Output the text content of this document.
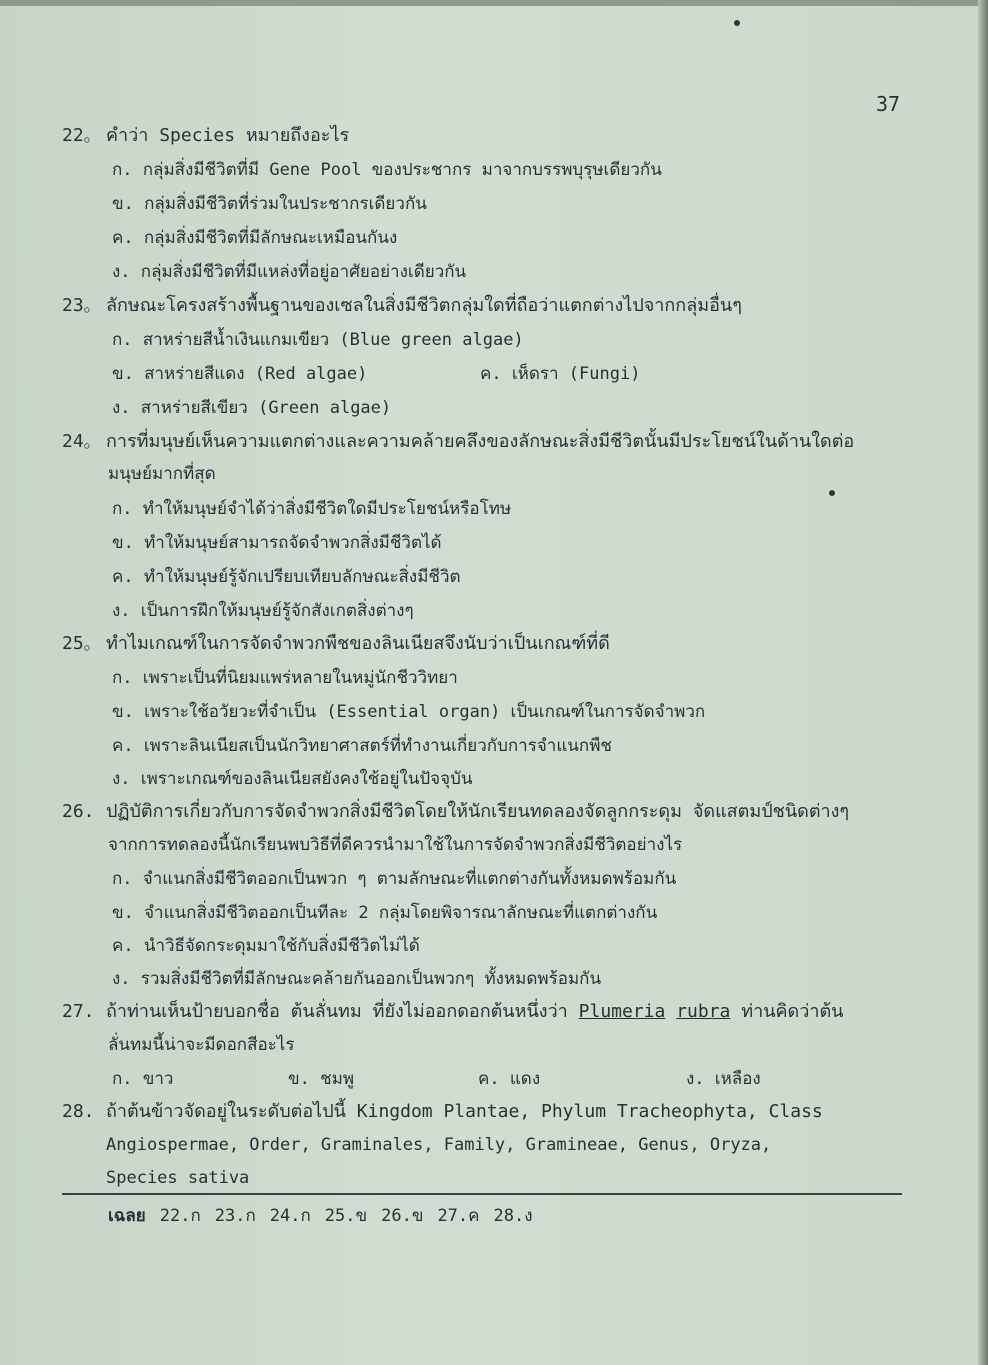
37
22。 คำว่า Species หมายถึงอะไร
ก. กลุ่มสิ่งมีชีวิตที่มี Gene Pool ของประชากร มาจากบรรพบุรุษเดียวกัน
ข. กลุ่มสิ่งมีชีวิตที่ร่วมในประชากรเดียวกัน
ค. กลุ่มสิ่งมีชีวิตที่มีลักษณะเหมือนกันง
ง. กลุ่มสิ่งมีชีวิตที่มีแหล่งที่อยู่อาศัยอย่างเดียวกัน
23。 ลักษณะโครงสร้างพื้นฐานของเซลในสิ่งมีชีวิตกลุ่มใดที่ถือว่าแตกต่างไปจากกลุ่มอื่นๆ
ก. สาหร่ายสีน้ำเงินแกมเขียว (Blue green algae)
ข. สาหร่ายสีแดง (Red algae)	ค. เห็ดรา (Fungi)
ง. สาหร่ายสีเขียว (Green algae)
24。 การที่มนุษย์เห็นความแตกต่างและความคล้ายคลึงของลักษณะสิ่งมีชีวิตนั้นมีประโยชน์ในด้านใดต่อ
มนุษย์มากที่สุด
ก. ทำให้มนุษย์จำได้ว่าสิ่งมีชีวิตใดมีประโยชน์หรือโทษ
ข. ทำให้มนุษย์สามารถจัดจำพวกสิ่งมีชีวิตได้
ค. ทำให้มนุษย์รู้จักเปรียบเทียบลักษณะสิ่งมีชีวิต
ง. เป็นการฝึกให้มนุษย์รู้จักสังเกตสิ่งต่างๆ
25。 ทำไมเกณฑ์ในการจัดจำพวกพืชของลินเนียสจึงนับว่าเป็นเกณฑ์ที่ดี
ก. เพราะเป็นที่นิยมแพร่หลายในหมู่นักชีววิทยา
ข. เพราะใช้อวัยวะที่จำเป็น (Essential organ) เป็นเกณฑ์ในการจัดจำพวก
ค. เพราะลินเนียสเป็นนักวิทยาศาสตร์ที่ทำงานเกี่ยวกับการจำแนกพืช
ง. เพราะเกณฑ์ของลินเนียสยังคงใช้อยู่ในปัจจุบัน
26. ปฏิบัติการเกี่ยวกับการจัดจำพวกสิ่งมีชีวิตโดยให้นักเรียนทดลองจัดลูกกระดุม จัดแสตมป์ชนิดต่างๆ
จากการทดลองนี้นักเรียนพบวิธีที่ดีควรนำมาใช้ในการจัดจำพวกสิ่งมีชีวิตอย่างไร
ก. จำแนกสิ่งมีชีวิตออกเป็นพวก ๆ ตามลักษณะที่แตกต่างกันทั้งหมดพร้อมกัน
ข. จำแนกสิ่งมีชีวิตออกเป็นทีละ 2 กลุ่มโดยพิจารณาลักษณะที่แตกต่างกัน
ค. นำวิธีจัดกระดุมมาใช้กับสิ่งมีชีวิตไม่ได้
ง. รวมสิ่งมีชีวิตที่มีลักษณะคล้ายกันออกเป็นพวกๆ ทั้งหมดพร้อมกัน
27. ถ้าท่านเห็นป้ายบอกชื่อ ต้นลั่นทม ที่ยังไม่ออกดอกต้นหนึ่งว่า Plumeria rubra ท่านคิดว่าต้น
ลั่นทมนี้น่าจะมีดอกสีอะไร
ก. ขาว	ข. ชมพู	ค. แดง	ง. เหลือง
28. ถ้าต้นข้าวจัดอยู่ในระดับต่อไปนี้ Kingdom Plantae, Phylum Tracheophyta, Class
Angiospermae, Order, Graminales, Family, Gramineae, Genus, Oryza,
Species sativa
เฉลย 22.ก 23.ก 24.ก 25.ข 26.ข 27.ค 28.ง
